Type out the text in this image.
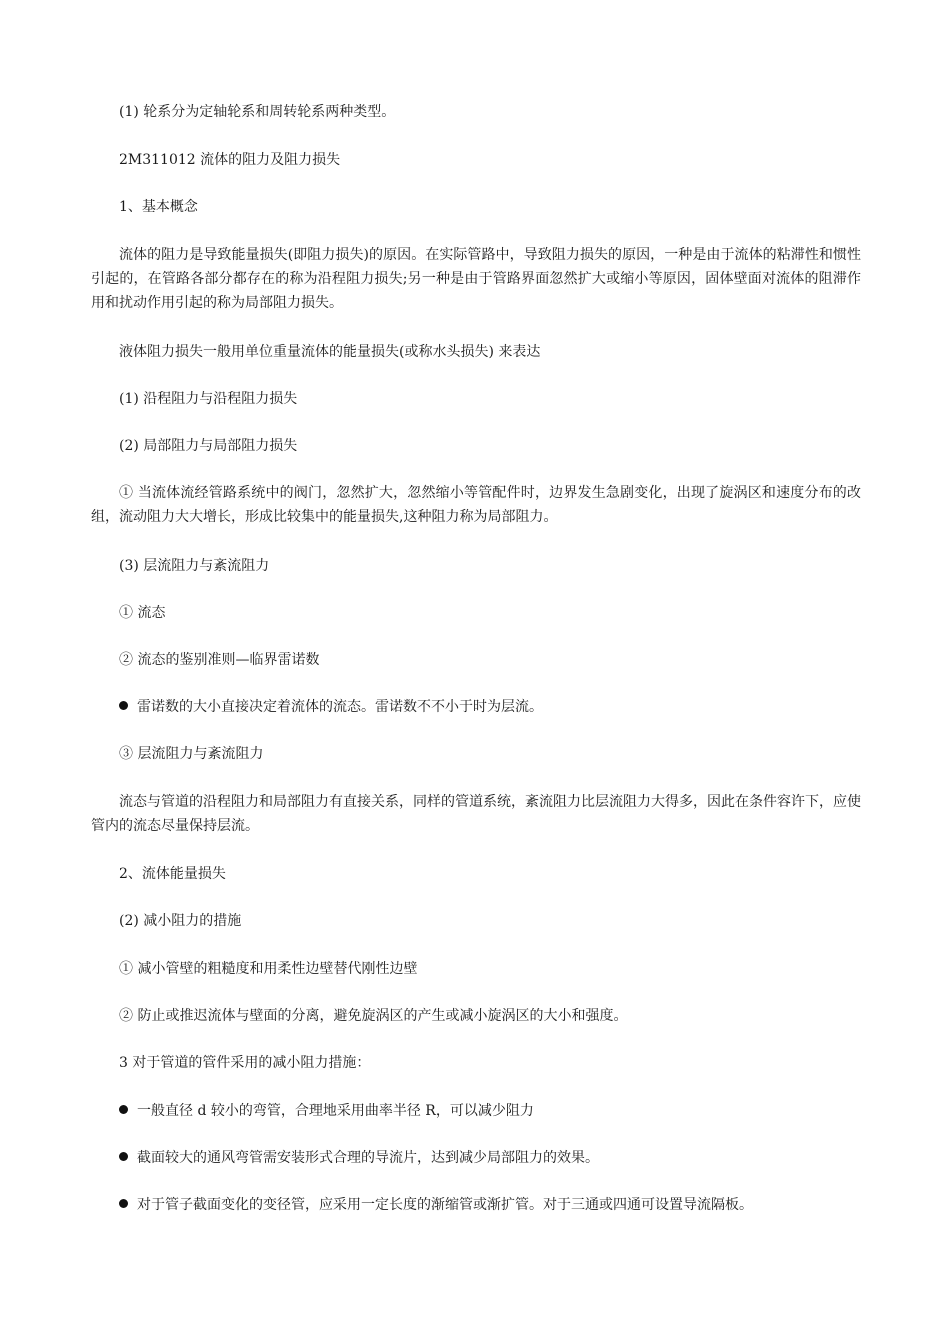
(1) 轮系分为定轴轮系和周转轮系两种类型。

2M311012 流体的阻力及阻力损失

1、基本概念

流体的阻力是导致能量损失(即阻力损失)的原因。在实际管路中，导致阻力损失的原因，一种是由于流体的粘滞性和惯性引起的，在管路各部分都存在的称为沿程阻力损失;另一种是由于管路界面忽然扩大或缩小等原因，固体壁面对流体的阻滞作用和扰动作用引起的称为局部阻力损失。

液体阻力损失一般用单位重量流体的能量损失(或称水头损失) 来表达

(1) 沿程阻力与沿程阻力损失

(2) 局部阻力与局部阻力损失

① 当流体流经管路系统中的阀门，忽然扩大，忽然缩小等管配件时，边界发生急剧变化，出现了旋涡区和速度分布的改组，流动阻力大大增长，形成比较集中的能量损失,这种阻力称为局部阻力。

(3) 层流阻力与紊流阻力

① 流态

② 流态的鉴别准则—临界雷诺数

雷诺数的大小直接决定着流体的流态。雷诺数不不小于时为层流。

③ 层流阻力与紊流阻力

流态与管道的沿程阻力和局部阻力有直接关系，同样的管道系统，紊流阻力比层流阻力大得多，因此在条件容许下，应使管内的流态尽量保持层流。

2、流体能量损失

(2) 减小阻力的措施

① 减小管壁的粗糙度和用柔性边壁替代刚性边壁

② 防止或推迟流体与壁面的分离，避免旋涡区的产生或减小旋涡区的大小和强度。

3 对于管道的管件采用的减小阻力措施：

一般直径 d 较小的弯管，合理地采用曲率半径 R，可以减少阻力

截面较大的通风弯管需安装形式合理的导流片，达到减少局部阻力的效果。

对于管子截面变化的变径管，应采用一定长度的渐缩管或渐扩管。对于三通或四通可设置导流隔板。
